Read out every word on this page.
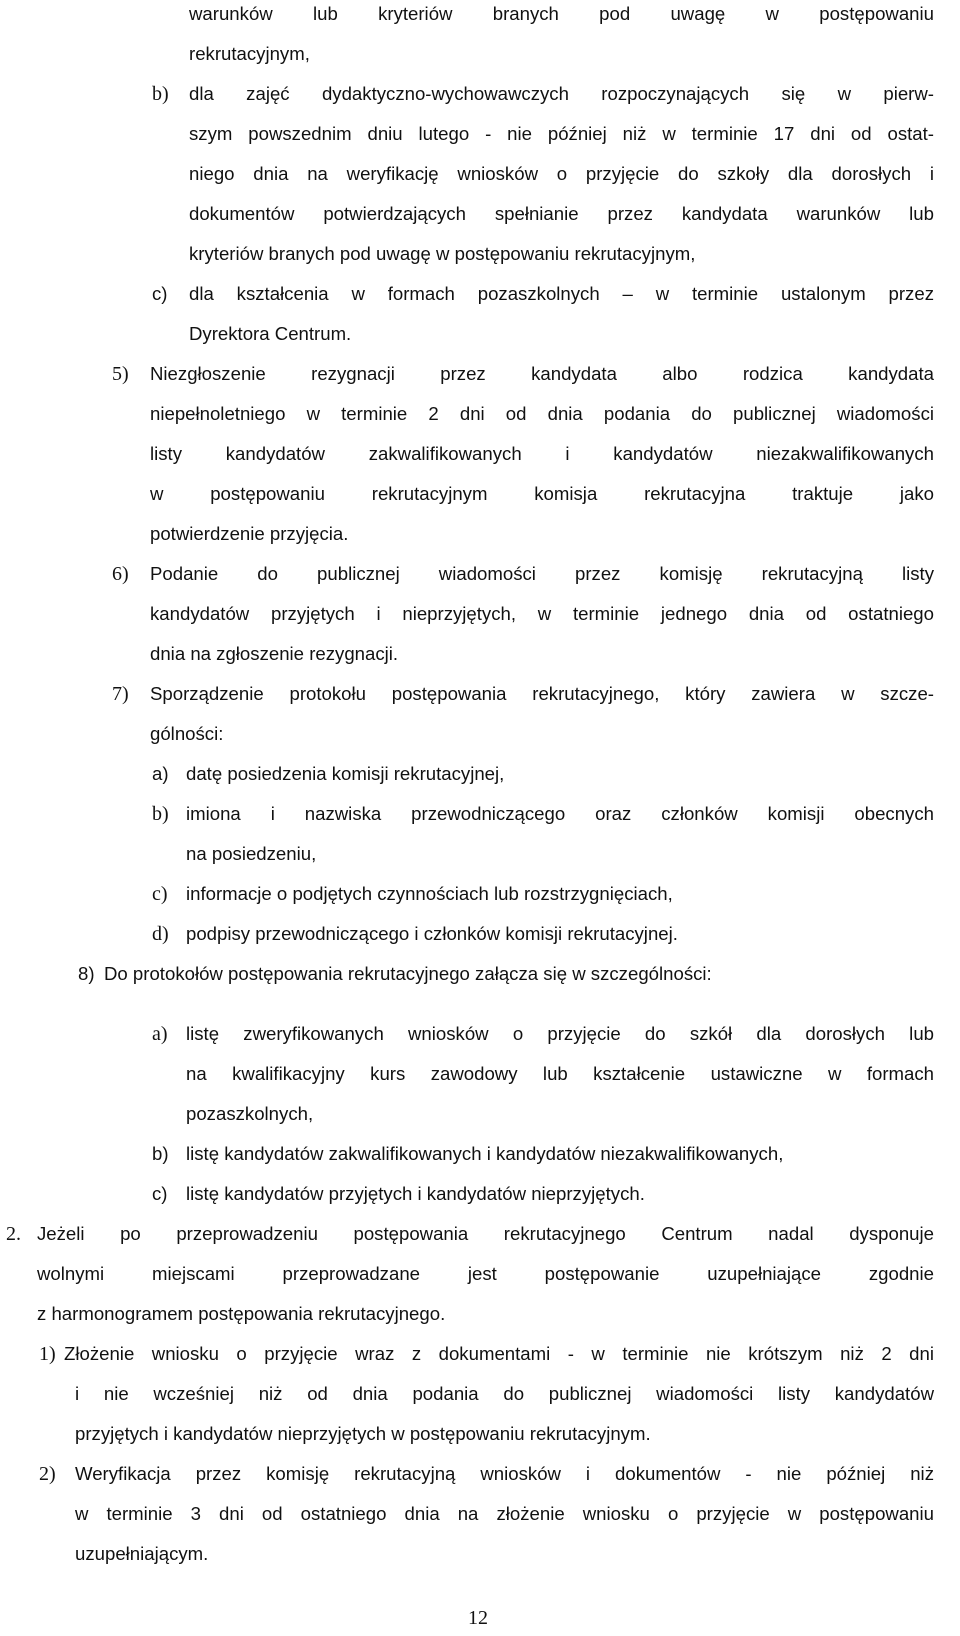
warunków lub kryteriów branych pod uwagę w postępowaniu
rekrutacyjnym,
b) dla zajęć dydaktyczno-wychowawczych rozpoczynających się w pierw-
szym powszednim dniu lutego - nie później niż w terminie 17 dni od ostat-
niego dnia na weryfikację wniosków o przyjęcie do szkoły dla dorosłych i
dokumentów potwierdzających spełnianie przez kandydata warunków lub
kryteriów branych pod uwagę w postępowaniu rekrutacyjnym,
c) dla kształcenia w formach pozaszkolnych – w terminie ustalonym przez
Dyrektora Centrum.
5) Niezgłoszenie rezygnacji przez kandydata albo rodzica kandydata
niepełnoletniego w terminie 2 dni od dnia podania do publicznej wiadomości
listy kandydatów zakwalifikowanych i kandydatów niezakwalifikowanych
w postępowaniu rekrutacyjnym komisja rekrutacyjna traktuje jako
potwierdzenie przyjęcia.
6) Podanie do publicznej wiadomości przez komisję rekrutacyjną listy
kandydatów przyjętych i nieprzyjętych, w terminie jednego dnia od ostatniego
dnia na zgłoszenie rezygnacji.
7) Sporządzenie protokołu postępowania rekrutacyjnego, który zawiera w szcze-
gólności:
a) datę posiedzenia komisji rekrutacyjnej,
b) imiona i nazwiska przewodniczącego oraz członków komisji obecnych
na posiedzeniu,
c) informacje o podjętych czynnościach lub rozstrzygnięciach,
d) podpisy przewodniczącego i członków komisji rekrutacyjnej.
8) Do protokołów postępowania rekrutacyjnego załącza się w szczególności:
a) listę zweryfikowanych wniosków o przyjęcie do szkół dla dorosłych lub
na kwalifikacyjny kurs zawodowy lub kształcenie ustawiczne w formach
pozaszkolnych,
b) listę kandydatów zakwalifikowanych i kandydatów niezakwalifikowanych,
c) listę kandydatów przyjętych i kandydatów nieprzyjętych.
2. Jeżeli po przeprowadzeniu postępowania rekrutacyjnego Centrum nadal dysponuje
wolnymi miejscami przeprowadzane jest postępowanie uzupełniające zgodnie
z harmonogramem postępowania rekrutacyjnego.
1) Złożenie wniosku o przyjęcie wraz z dokumentami - w terminie nie krótszym niż 2 dni
i nie wcześniej niż od dnia podania do publicznej wiadomości listy kandydatów
przyjętych i kandydatów nieprzyjętych w postępowaniu rekrutacyjnym.
2) Weryfikacja przez komisję rekrutacyjną wniosków i dokumentów - nie później niż
w terminie 3 dni od ostatniego dnia na złożenie wniosku o przyjęcie w postępowaniu
uzupełniającym.
12
